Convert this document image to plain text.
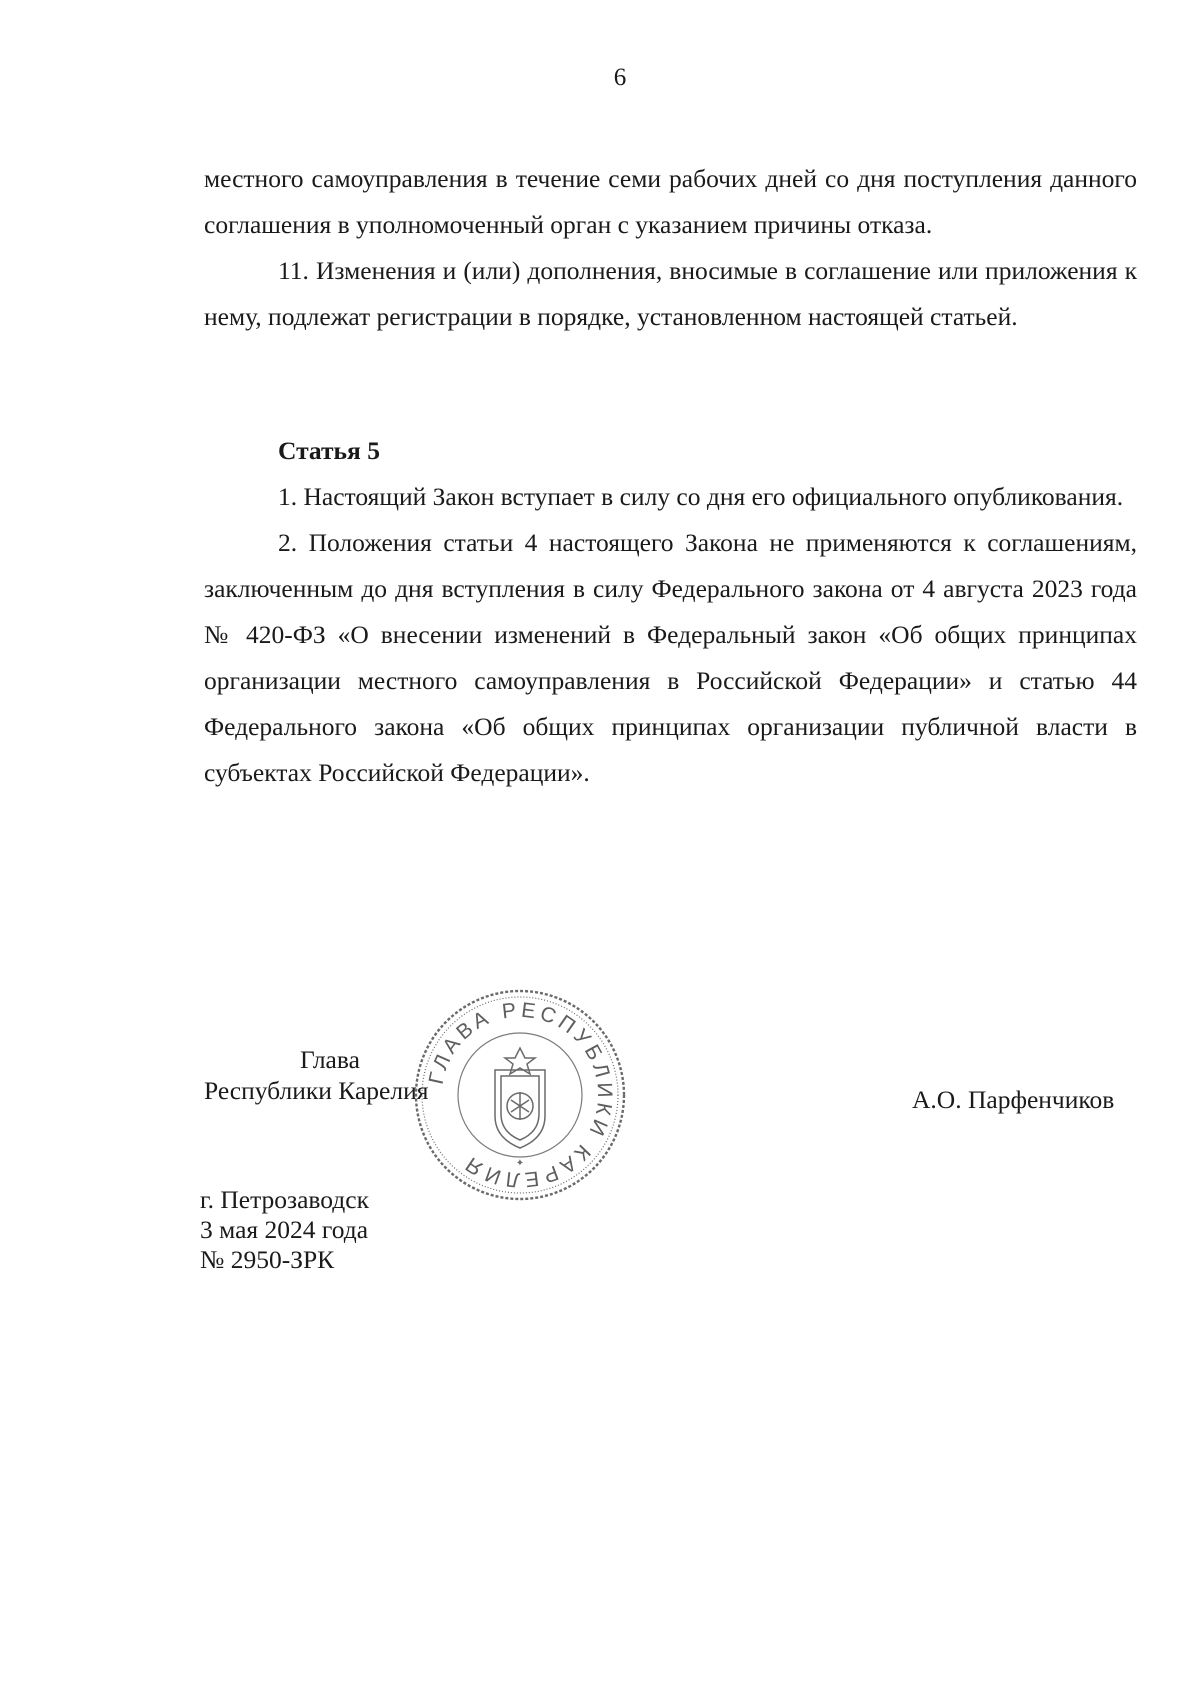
6

местного самоуправления в течение семи рабочих дней со дня поступления данного соглашения в уполномоченный орган с указанием причины отказа.

11. Изменения и (или) дополнения, вносимые в соглашение или приложения к нему, подлежат регистрации в порядке, установленном настоящей статьей.

Статья 5

1. Настоящий Закон вступает в силу со дня его официального опубликования.

2. Положения статьи 4 настоящего Закона не применяются к соглашениям, заключенным до дня вступления в силу Федерального закона от 4 августа 2023 года № 420-ФЗ «О внесении изменений в Федеральный закон «Об общих принципах организации местного самоуправления в Российской Федерации» и статью 44 Федерального закона «Об общих принципах организации публичной власти в субъектах Российской Федерации».

Глава
Республики Карелия	А.О. Парфенчиков
г. Петрозаводск
3 мая 2024 года
№ 2950-ЗРК
ГЛАВА РЕСПУБЛИКИ КАРЕЛИЯ	✦
